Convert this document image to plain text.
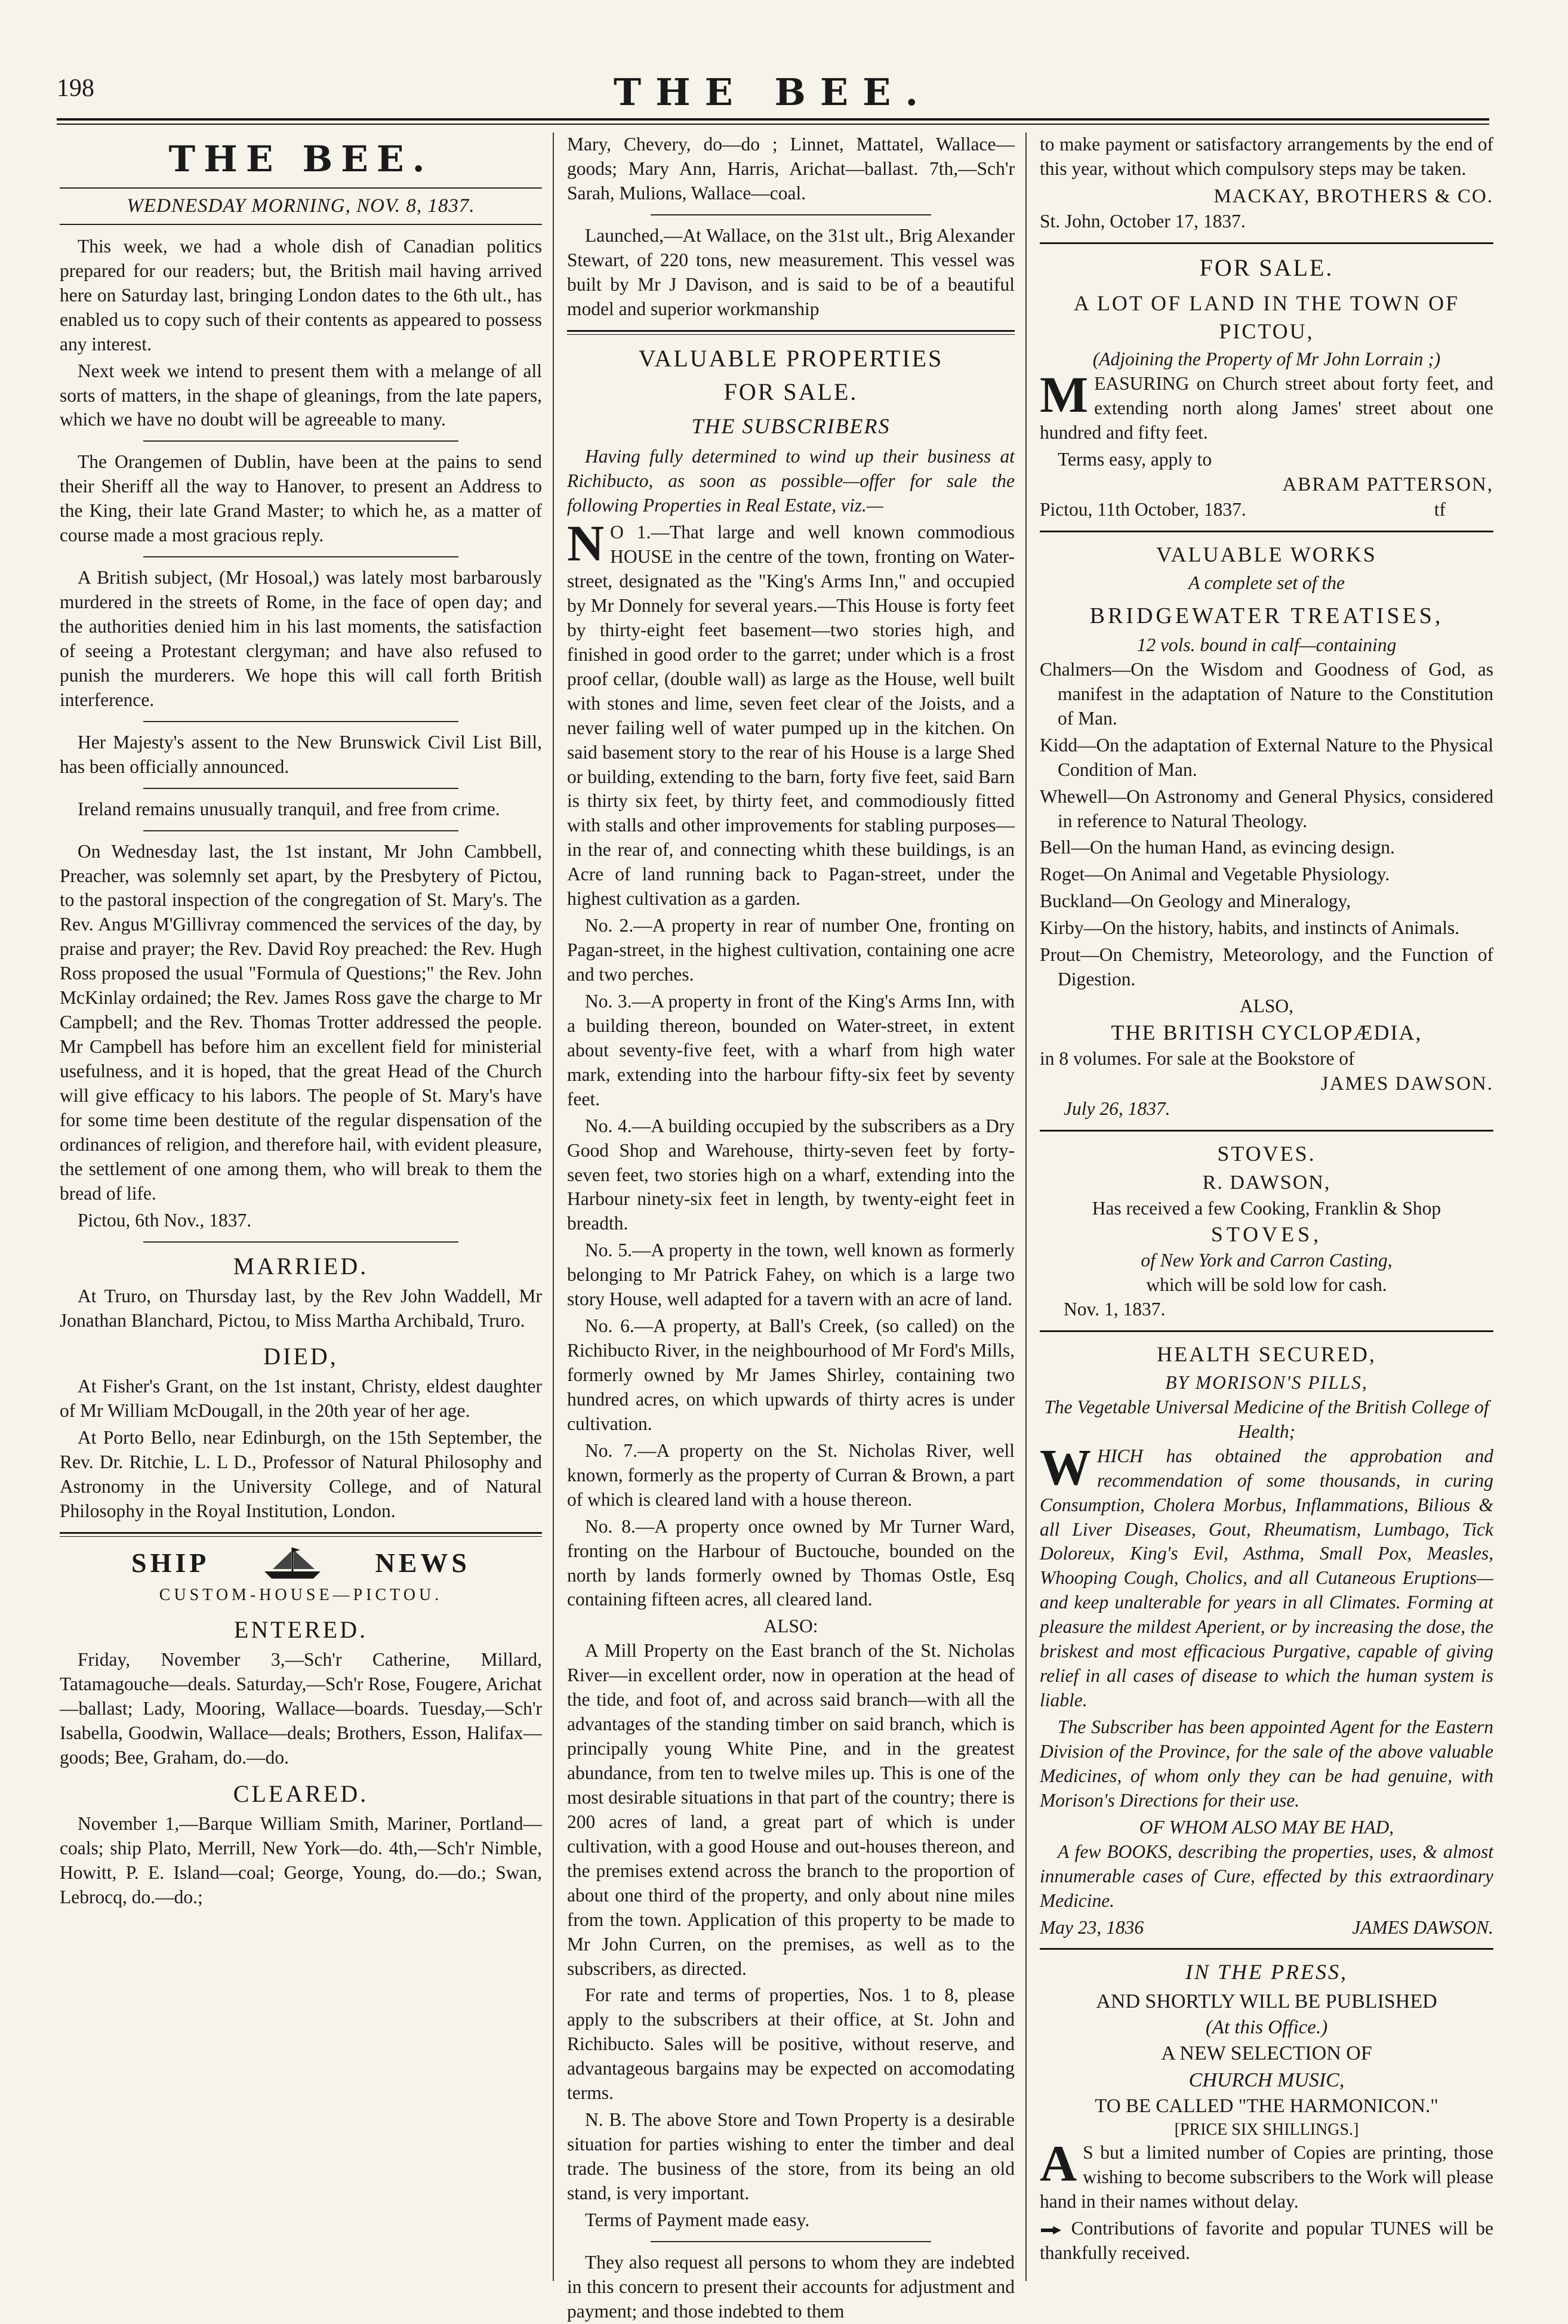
198	THE BEE.
THE BEE.
WEDNESDAY MORNING, NOV. 8, 1837.

This week, we had a whole dish of Canadian politics prepared for our readers; but, the British mail having arrived here on Saturday last, bringing London dates to the 6th ult., has enabled us to copy such of their contents as appeared to possess any interest.

Next week we intend to present them with a melange of all sorts of matters, in the shape of gleanings, from the late papers, which we have no doubt will be agreeable to many.

The Orangemen of Dublin, have been at the pains to send their Sheriff all the way to Hanover, to present an Address to the King, their late Grand Master; to which he, as a matter of course made a most gracious reply.

A British subject, (Mr Hosoal,) was lately most barbarously murdered in the streets of Rome, in the face of open day; and the authorities denied him in his last moments, the satisfaction of seeing a Protestant clergyman; and have also refused to punish the murderers. We hope this will call forth British interference.

Her Majesty's assent to the New Brunswick Civil List Bill, has been officially announced.

Ireland remains unusually tranquil, and free from crime.

On Wednesday last, the 1st instant, Mr John Cambbell, Preacher, was solemnly set apart, by the Presbytery of Pictou, to the pastoral inspection of the congregation of St. Mary's. The Rev. Angus M'Gillivray commenced the services of the day, by praise and prayer; the Rev. David Roy preached: the Rev. Hugh Ross proposed the usual "Formula of Questions;" the Rev. John McKinlay ordained; the Rev. James Ross gave the charge to Mr Campbell; and the Rev. Thomas Trotter addressed the people. Mr Campbell has before him an excellent field for ministerial usefulness, and it is hoped, that the great Head of the Church will give efficacy to his labors. The people of St. Mary's have for some time been destitute of the regular dispensation of the ordinances of religion, and therefore hail, with evident pleasure, the settlement of one among them, who will break to them the bread of life.

Pictou, 6th Nov., 1837.

MARRIED.

At Truro, on Thursday last, by the Rev John Waddell, Mr Jonathan Blanchard, Pictou, to Miss Martha Archibald, Truro.

DIED,

At Fisher's Grant, on the 1st instant, Christy, eldest daughter of Mr William McDougall, in the 20th year of her age.

At Porto Bello, near Edinburgh, on the 15th September, the Rev. Dr. Ritchie, L. L D., Professor of Natural Philosophy and Astronomy in the University College, and of Natural Philosophy in the Royal Institution, London.

SHIP	NEWS
CUSTOM-HOUSE—PICTOU.
ENTERED.

Friday, November 3,—Sch'r Catherine, Millard, Tatamagouche—deals. Saturday,—Sch'r Rose, Fougere, Arichat—ballast; Lady, Mooring, Wallace—boards. Tuesday,—Sch'r Isabella, Goodwin, Wallace—deals; Brothers, Esson, Halifax—goods; Bee, Graham, do.—do.

CLEARED.

November 1,—Barque William Smith, Mariner, Portland—coals; ship Plato, Merrill, New York—do. 4th,—Sch'r Nimble, Howitt, P. E. Island—coal; George, Young, do.—do.; Swan, Lebrocq, do.—do.;

Mary, Chevery, do—do ; Linnet, Mattatel, Wallace—goods; Mary Ann, Harris, Arichat—ballast. 7th,—Sch'r Sarah, Mulions, Wallace—coal.

Launched,—At Wallace, on the 31st ult., Brig Alexander Stewart, of 220 tons, new measurement. This vessel was built by Mr J Davison, and is said to be of a beautiful model and superior workmanship

VALUABLE PROPERTIES
FOR SALE.
THE SUBSCRIBERS

Having fully determined to wind up their business at Richibucto, as soon as possible—offer for sale the following Properties in Real Estate, viz.—

N O 1.—That large and well known commodious HOUSE in the centre of the town, fronting on Water-street, designated as the "King's Arms Inn," and occupied by Mr Donnely for several years.—This House is forty feet by thirty-eight feet basement—two stories high, and finished in good order to the garret; under which is a frost proof cellar, (double wall) as large as the House, well built with stones and lime, seven feet clear of the Joists, and a never failing well of water pumped up in the kitchen. On said basement story to the rear of his House is a large Shed or building, extending to the barn, forty five feet, said Barn is thirty six feet, by thirty feet, and commodiously fitted with stalls and other improvements for stabling purposes—in the rear of, and connecting whith these buildings, is an Acre of land running back to Pagan-street, under the highest cultivation as a garden.

No. 2.—A property in rear of number One, fronting on Pagan-street, in the highest cultivation, containing one acre and two perches.

No. 3.—A property in front of the King's Arms Inn, with a building thereon, bounded on Water-street, in extent about seventy-five feet, with a wharf from high water mark, extending into the harbour fifty-six feet by seventy feet.

No. 4.—A building occupied by the subscribers as a Dry Good Shop and Warehouse, thirty-seven feet by forty-seven feet, two stories high on a wharf, extending into the Harbour ninety-six feet in length, by twenty-eight feet in breadth.

No. 5.—A property in the town, well known as formerly belonging to Mr Patrick Fahey, on which is a large two story House, well adapted for a tavern with an acre of land.

No. 6.—A property, at Ball's Creek, (so called) on the Richibucto River, in the neighbourhood of Mr Ford's Mills, formerly owned by Mr James Shirley, containing two hundred acres, on which upwards of thirty acres is under cultivation.

No. 7.—A property on the St. Nicholas River, well known, formerly as the property of Curran & Brown, a part of which is cleared land with a house thereon.

No. 8.—A property once owned by Mr Turner Ward, fronting on the Harbour of Buctouche, bounded on the north by lands formerly owned by Thomas Ostle, Esq containing fifteen acres, all cleared land.

ALSO:

A Mill Property on the East branch of the St. Nicholas River—in excellent order, now in operation at the head of the tide, and foot of, and across said branch—with all the advantages of the standing timber on said branch, which is principally young White Pine, and in the greatest abundance, from ten to twelve miles up. This is one of the most desirable situations in that part of the country; there is 200 acres of land, a great part of which is under cultivation, with a good House and out-houses thereon, and the premises extend across the branch to the proportion of about one third of the property, and only about nine miles from the town. Application of this property to be made to Mr John Curren, on the premises, as well as to the subscribers, as directed.

For rate and terms of properties, Nos. 1 to 8, please apply to the subscribers at their office, at St. John and Richibucto. Sales will be positive, without reserve, and advantageous bargains may be expected on accomodating terms.

N. B. The above Store and Town Property is a desirable situation for parties wishing to enter the timber and deal trade. The business of the store, from its being an old stand, is very important.

Terms of Payment made easy.

They also request all persons to whom they are indebted in this concern to present their accounts for adjustment and payment; and those indebted to them

to make payment or satisfactory arrangements by the end of this year, without which compulsory steps may be taken.

MACKAY, BROTHERS & CO.
St. John, October 17, 1837.
FOR SALE.
A LOT OF LAND IN THE TOWN OF PICTOU,
(Adjoining the Property of Mr John Lorrain ;)

MEASURING on Church street about forty feet, and extending north along James' street about one hundred and fifty feet.

Terms easy, apply to
ABRAM PATTERSON,
Pictou, 11th October, 1837.	tf
VALUABLE WORKS
A complete set of the
BRIDGEWATER TREATISES,
12 vols. bound in calf—containing

Chalmers—On the Wisdom and Goodness of God, as manifest in the adaptation of Nature to the Constitution of Man.

Kidd—On the adaptation of External Nature to the Physical Condition of Man.

Whewell—On Astronomy and General Physics, considered in reference to Natural Theology.

Bell—On the human Hand, as evincing design.

Roget—On Animal and Vegetable Physiology.

Buckland—On Geology and Mineralogy,

Kirby—On the history, habits, and instincts of Animals.

Prout—On Chemistry, Meteorology, and the Function of Digestion.

ALSO,
THE BRITISH CYCLOPÆDIA,
in 8 volumes. For sale at the Bookstore of
JAMES DAWSON.
July 26, 1837.
STOVES.
R. DAWSON,
Has received a few Cooking, Franklin & Shop
STOVES,
of New York and Carron Casting,
which will be sold low for cash.
Nov. 1, 1837.
HEALTH SECURED,
BY MORISON'S PILLS,
The Vegetable Universal Medicine of the British College of Health;

WHICH has obtained the approbation and recommendation of some thousands, in curing Consumption, Cholera Morbus, Inflammations, Bilious & all Liver Diseases, Gout, Rheumatism, Lumbago, Tick Doloreux, King's Evil, Asthma, Small Pox, Measles, Whooping Cough, Cholics, and all Cutaneous Eruptions—and keep unalterable for years in all Climates. Forming at pleasure the mildest Aperient, or by increasing the dose, the briskest and most efficacious Purgative, capable of giving relief in all cases of disease to which the human system is liable.

The Subscriber has been appointed Agent for the Eastern Division of the Province, for the sale of the above valuable Medicines, of whom only they can be had genuine, with Morison's Directions for their use.

OF WHOM ALSO MAY BE HAD,

A few BOOKS, describing the properties, uses, & almost innumerable cases of Cure, effected by this extraordinary Medicine.

May 23, 1836	JAMES DAWSON.
IN THE PRESS,
AND SHORTLY WILL BE PUBLISHED
(At this Office.)
A NEW SELECTION OF
CHURCH MUSIC,
TO BE CALLED "THE HARMONICON."
[PRICE SIX SHILLINGS.]

A S but a limited number of Copies are printing, those wishing to become subscribers to the Work will please hand in their names without delay.

Contributions of favorite and popular TUNES will be thankfully received.
